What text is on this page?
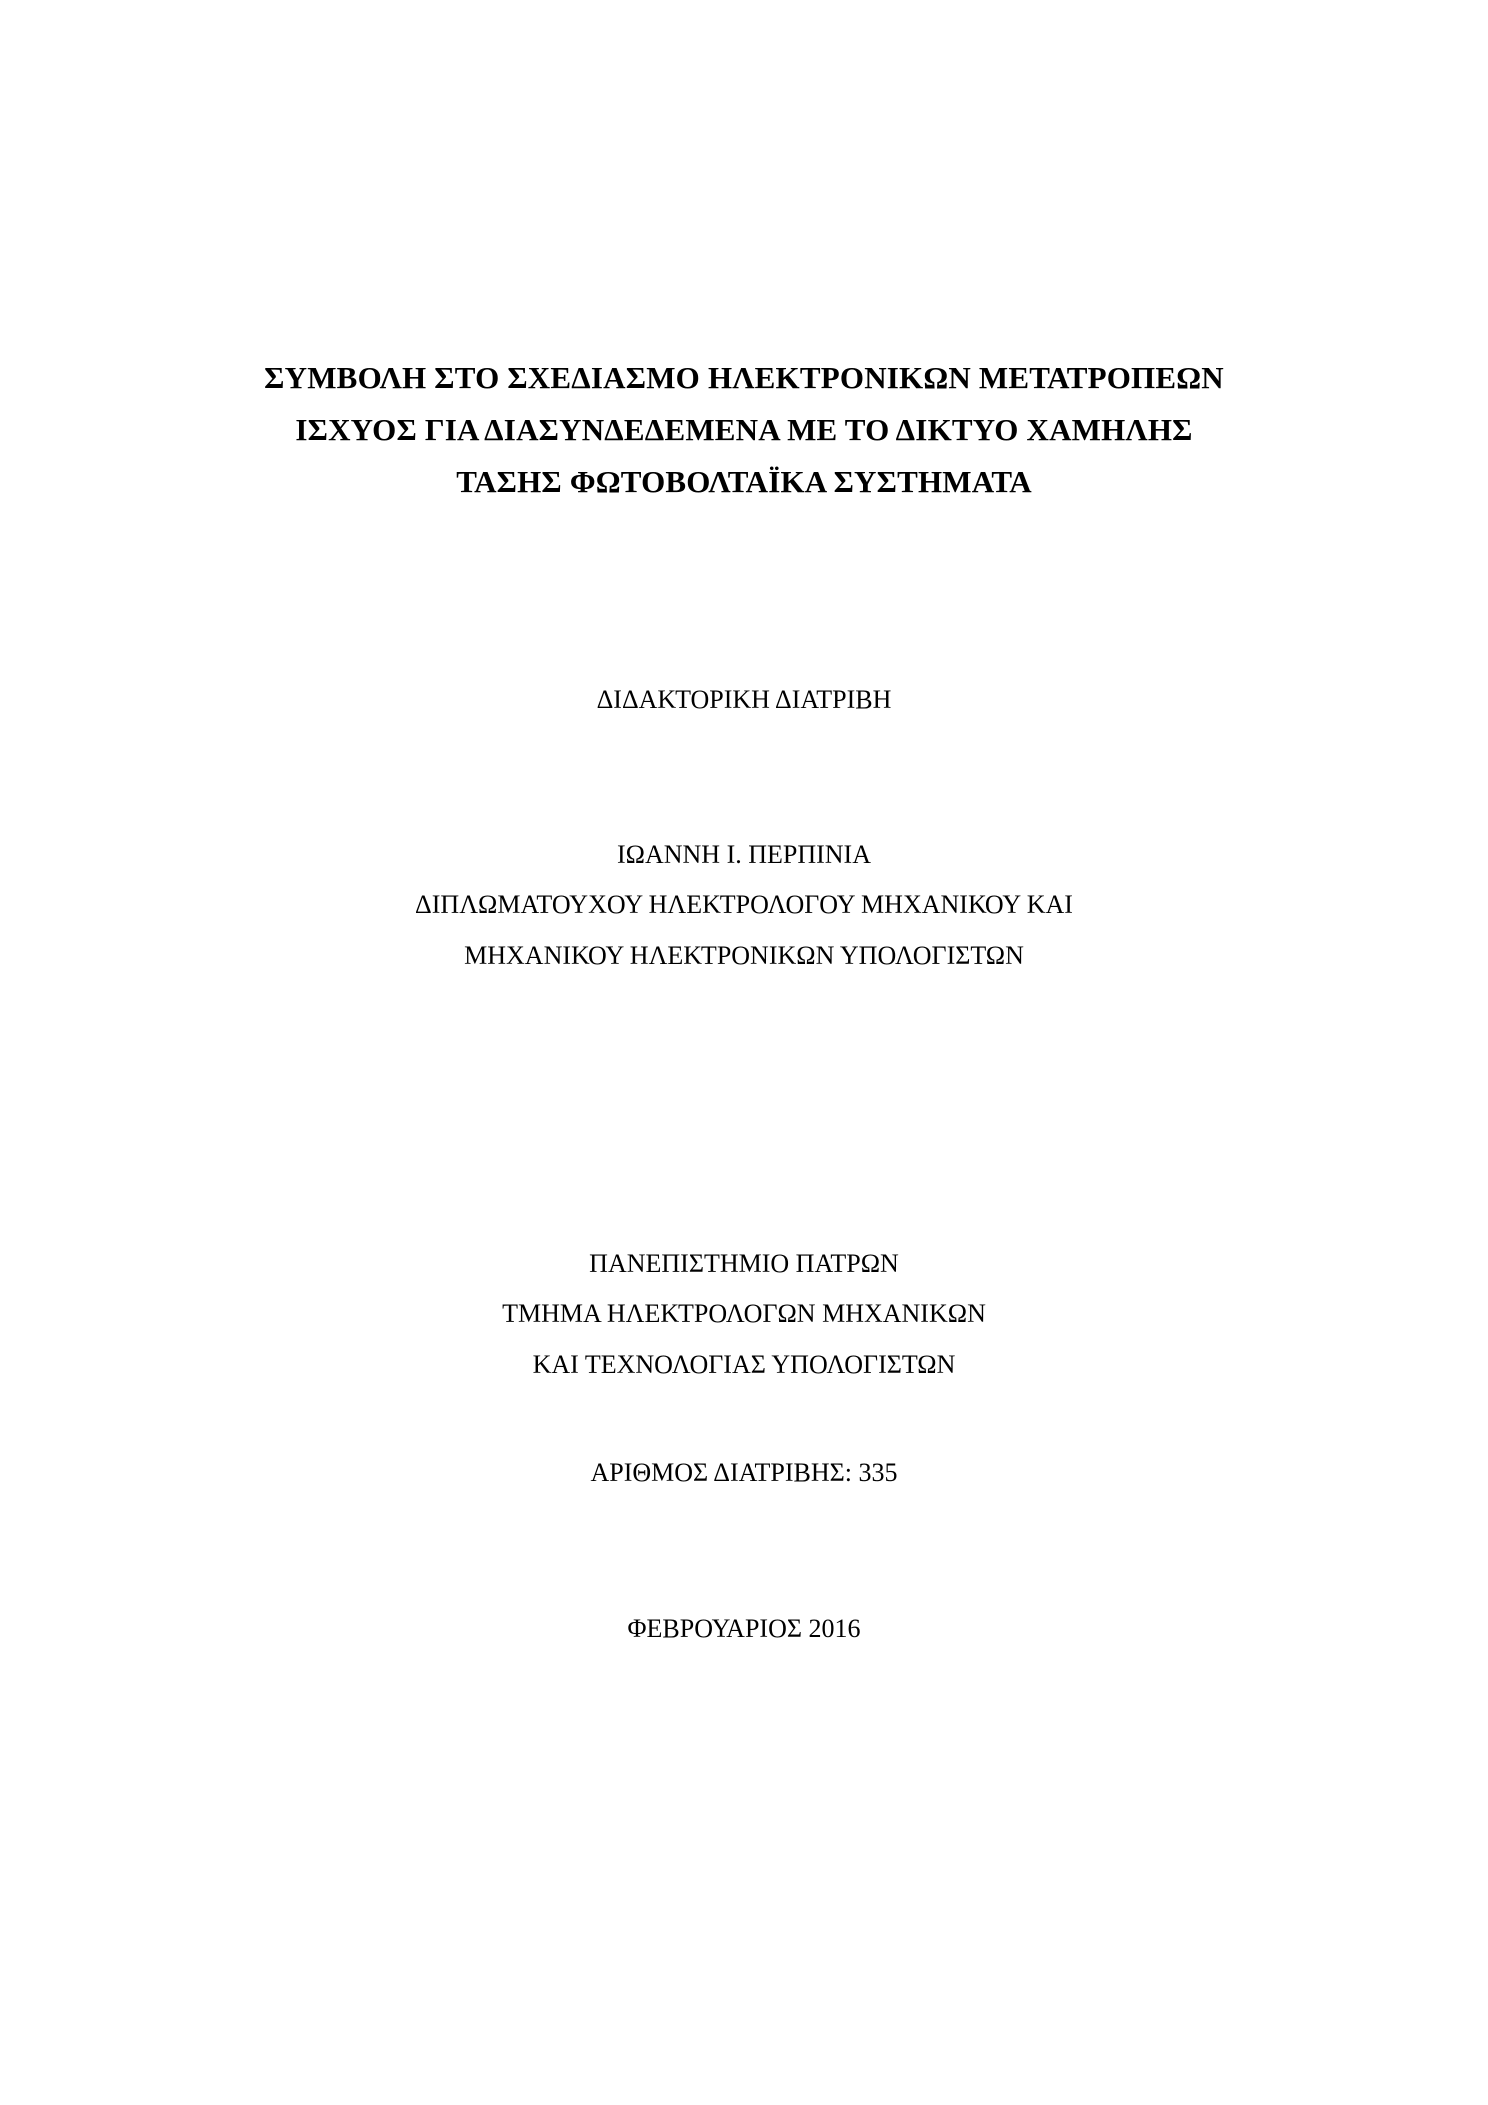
ΣΥΜΒΟΛΗ ΣΤΟ ΣΧΕΔΙΑΣΜΟ ΗΛΕΚΤΡΟΝΙΚΩΝ ΜΕΤΑΤΡΟΠΕΩΝ
ΙΣΧΥΟΣ ΓΙΑ ΔΙΑΣΥΝΔΕΔΕΜΕΝΑ ΜΕ ΤΟ ΔΙΚΤΥΟ ΧΑΜΗΛΗΣ
ΤΑΣΗΣ ΦΩΤΟΒΟΛΤΑΪΚΑ ΣΥΣΤΗΜΑΤΑ
ΔΙΔΑΚΤΟΡΙΚΗ ΔΙΑΤΡΙΒΗ
ΙΩΑΝΝΗ Ι. ΠΕΡΠΙΝΙΑ
ΔΙΠΛΩΜΑΤΟΥΧΟΥ ΗΛΕΚΤΡΟΛΟΓΟΥ ΜΗΧΑΝΙΚΟΥ ΚΑΙ
ΜΗΧΑΝΙΚΟΥ ΗΛΕΚΤΡΟΝΙΚΩΝ ΥΠΟΛΟΓΙΣΤΩΝ
ΠΑΝΕΠΙΣΤΗΜΙΟ ΠΑΤΡΩΝ
ΤΜΗΜΑ ΗΛΕΚΤΡΟΛΟΓΩΝ ΜΗΧΑΝΙΚΩΝ
ΚΑΙ ΤΕΧΝΟΛΟΓΙΑΣ ΥΠΟΛΟΓΙΣΤΩΝ
ΑΡΙΘΜΟΣ ΔΙΑΤΡΙΒΗΣ: 335
ΦΕΒΡΟΥΑΡΙΟΣ 2016
